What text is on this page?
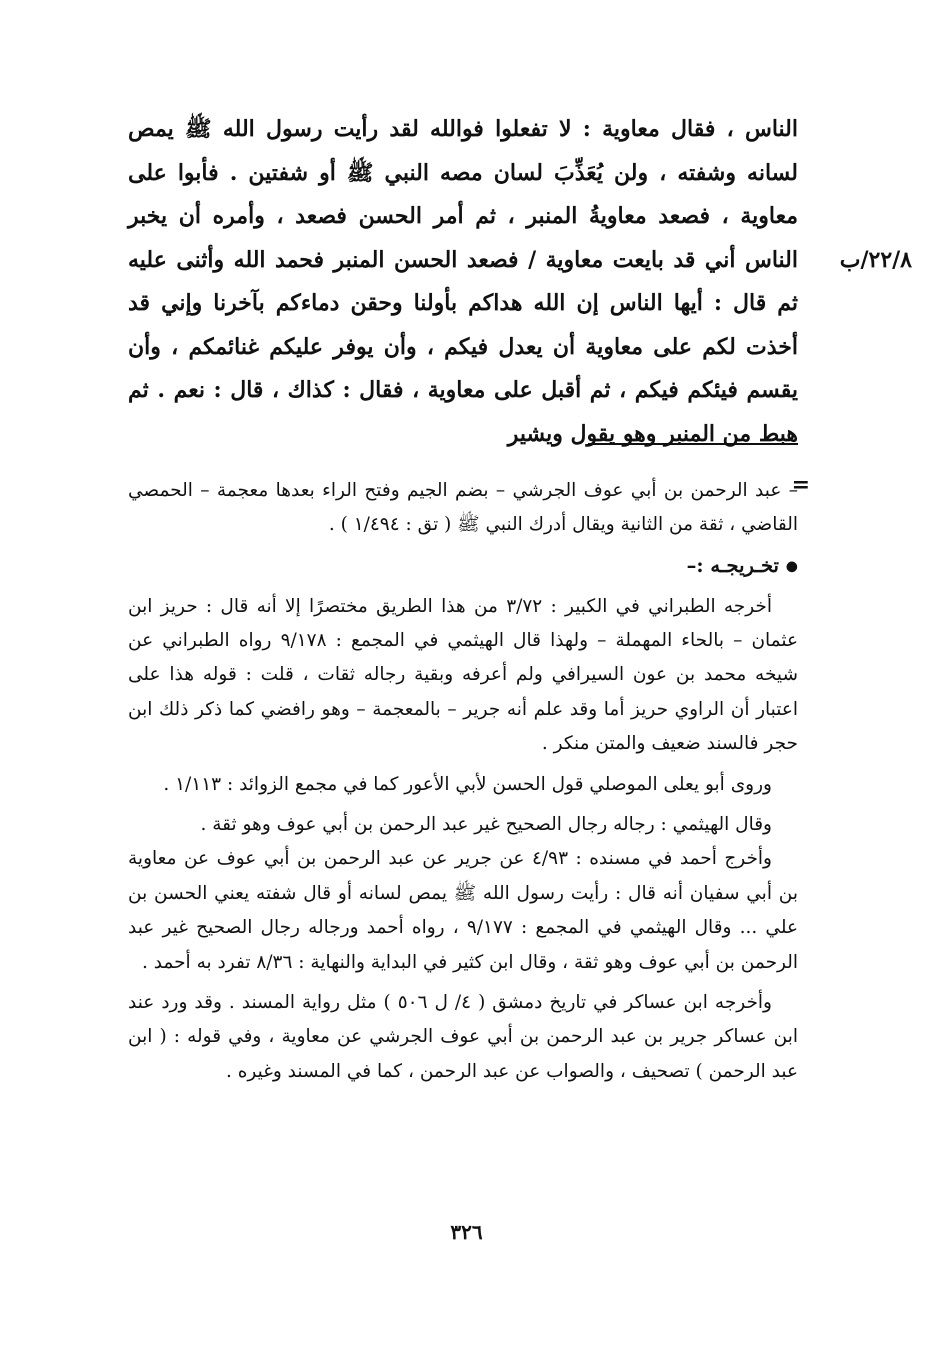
٢٢/٨/ب

الناس ، فقال معاوية : لا تفعلوا فوالله لقد رأيت رسول الله ﷺ يمص لسانه وشفته ، ولن يُعَذِّبَ لسان مصه النبي ﷺ أو شفتين . فأبوا على معاوية ، فصعد معاويةُ المنبر ، ثم أمر الحسن فصعد ، وأمره أن يخبر الناس أني قد بايعت معاوية / فصعد الحسن المنبر فحمد الله وأثنى عليه ثم قال : أيها الناس إن الله هداكم بأولنا وحقن دماءكم بآخرنا وإني قد أخذت لكم على معاوية أن يعدل فيكم ، وأن يوفر عليكم غنائمكم ، وأن يقسم فيئكم فيكم ، ثم أقبل على معاوية ، فقال : كذاك ، قال : نعم . ثم هبط من المنبر وهو يقول ويشير

=

– عبد الرحمن بن أبي عوف الجرشي – بضم الجيم وفتح الراء بعدها معجمة – الحمصي القاضي ، ثقة من الثانية ويقال أدرك النبي ﷺ ( تق : ١/٤٩٤ ) .

● تخـريجـه :–

أخرجه الطبراني في الكبير : ٣/٧٢ من هذا الطريق مختصرًا إلا أنه قال : حريز ابن عثمان – بالحاء المهملة – ولهذا قال الهيثمي في المجمع : ٩/١٧٨ رواه الطبراني عن شيخه محمد بن عون السيرافي ولم أعرفه وبقية رجاله ثقات ، قلت : قوله هذا على اعتبار أن الراوي حريز أما وقد علم أنه جرير – بالمعجمة – وهو رافضي كما ذكر ذلك ابن حجر فالسند ضعيف والمتن منكر .

وروى أبو يعلى الموصلي قول الحسن لأبي الأعور كما في مجمع الزوائد : ١/١١٣ .

وقال الهيثمي : رجاله رجال الصحيح غير عبد الرحمن بن أبي عوف وهو ثقة .

وأخرج أحمد في مسنده : ٤/٩٣ عن جرير عن عبد الرحمن بن أبي عوف عن معاوية بن أبي سفيان أنه قال : رأيت رسول الله ﷺ يمص لسانه أو قال شفته يعني الحسن بن علي ... وقال الهيثمي في المجمع : ٩/١٧٧ ، رواه أحمد ورجاله رجال الصحيح غير عبد الرحمن بن أبي عوف وهو ثقة ، وقال ابن كثير في البداية والنهاية : ٨/٣٦ تفرد به أحمد .

وأخرجه ابن عساكر في تاريخ دمشق ( ٤/ ل ٥٠٦ ) مثل رواية المسند . وقد ورد عند ابن عساكر جرير بن عبد الرحمن بن أبي عوف الجرشي عن معاوية ، وفي قوله : ( ابن عبد الرحمن ) تصحيف ، والصواب عن عبد الرحمن ، كما في المسند وغيره .

٣٢٦
